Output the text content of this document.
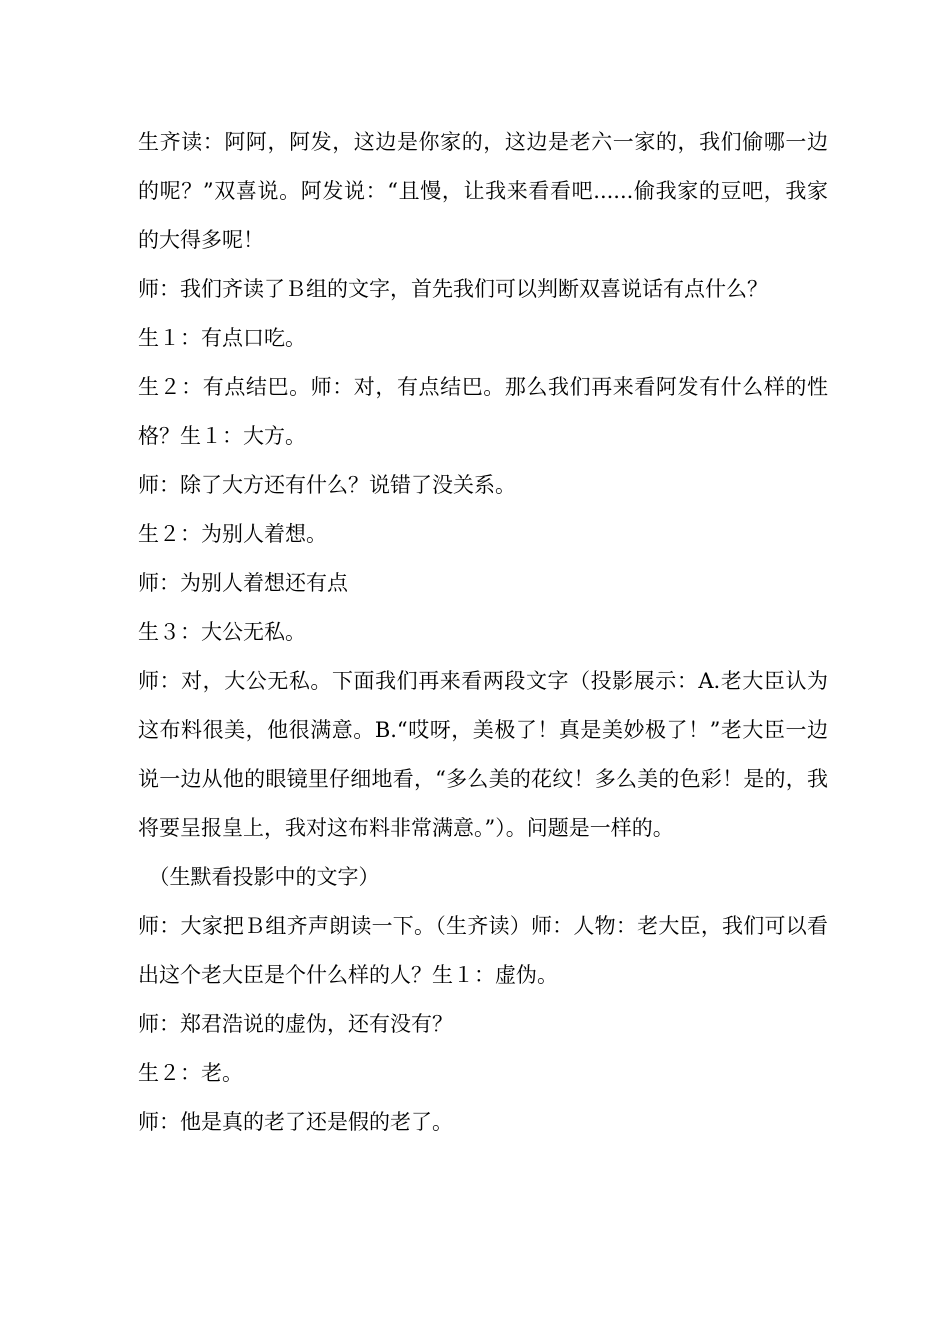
生齐读：阿阿，阿发，这边是你家的，这边是老六一家的，我们偷哪一边的呢？”双喜说。阿发说：“且慢，让我来看看吧......偷我家的豆吧，我家的大得多呢！

师：我们齐读了Ｂ组的文字，首先我们可以判断双喜说话有点什么？

生１：有点口吃。

生２：有点结巴。师：对，有点结巴。那么我们再来看阿发有什么样的性格？生１：大方。

师：除了大方还有什么？说错了没关系。

生２：为别人着想。

师：为别人着想还有点

生３：大公无私。

师：对，大公无私。下面我们再来看两段文字（投影展示：A.老大臣认为这布料很美，他很满意。B.“哎呀，美极了！真是美妙极了！”老大臣一边说一边从他的眼镜里仔细地看，“多么美的花纹！多么美的色彩！是的，我将要呈报皇上，我对这布料非常满意。”）。问题是一样的。

（生默看投影中的文字）

师：大家把Ｂ组齐声朗读一下。（生齐读）师：人物：老大臣，我们可以看出这个老大臣是个什么样的人？生１：虚伪。

师：郑君浩说的虚伪，还有没有？

生２：老。

师：他是真的老了还是假的老了。
